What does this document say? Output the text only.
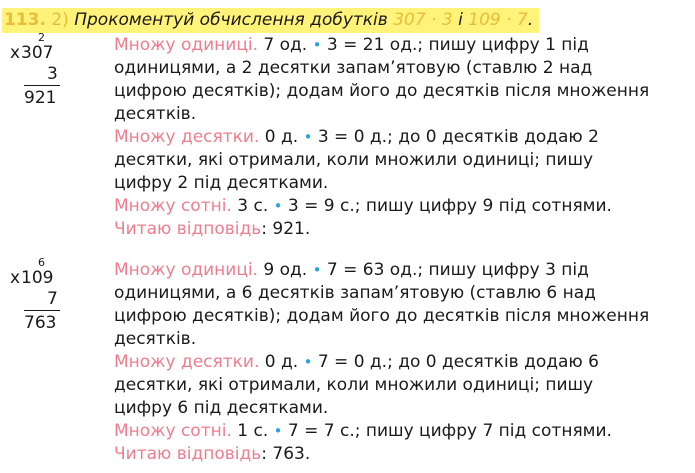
113. 2) Прокоментуй обчислення добутків 307 · 3 і 109 · 7.
2
x 307
3
921
6
x 109
7
763
Множу одиниці. 7 од. • 3 = 21 од.; пишу цифру 1 під
одиницями, а 2 десятки запам’ятовую (ставлю 2 над
цифрою десятків); додам його до десятків після множення
десятків.
Множу десятки. 0 д. • 3 = 0 д.; до 0 десятків додаю 2
десятки, які отримали, коли множили одиниці; пишу
цифру 2 під десятками.
Множу сотні. 3 с. • 3 = 9 с.; пишу цифру 9 під сотнями.
Читаю відповідь: 921.
Множу одиниці. 9 од. • 7 = 63 од.; пишу цифру 3 під
одиницями, а 6 десятків запам’ятовую (ставлю 6 над
цифрою десятків); додам його до десятків після множення
десятків.
Множу десятки. 0 д. • 7 = 0 д.; до 0 десятків додаю 6
десятки, які отримали, коли множили одиниці; пишу
цифру 6 під десятками.
Множу сотні. 1 с. • 7 = 7 с.; пишу цифру 7 під сотнями.
Читаю відповідь: 763.
